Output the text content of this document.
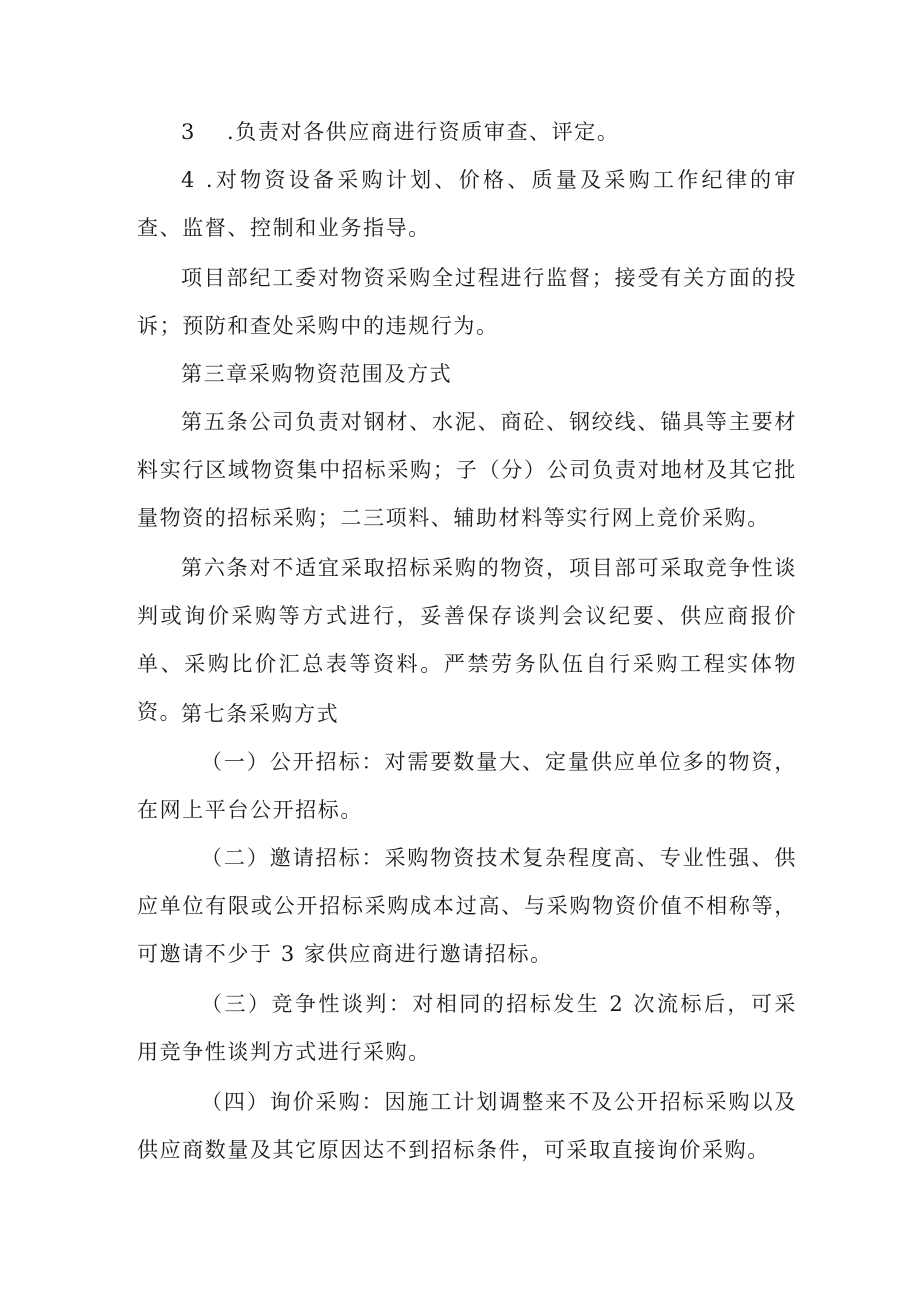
3 .负责对各供应商进行资质审查、评定。

4 .对物资设备采购计划、价格、质量及采购工作纪律的审查、监督、控制和业务指导。

项目部纪工委对物资采购全过程进行监督；接受有关方面的投诉；预防和查处采购中的违规行为。

第三章采购物资范围及方式

第五条公司负责对钢材、水泥、商砼、钢绞线、锚具等主要材料实行区域物资集中招标采购；子（分）公司负责对地材及其它批量物资的招标采购；二三项料、辅助材料等实行网上竞价采购。

第六条对不适宜采取招标采购的物资，项目部可采取竞争性谈判或询价采购等方式进行，妥善保存谈判会议纪要、供应商报价单、采购比价汇总表等资料。严禁劳务队伍自行采购工程实体物资。

第七条采购方式

（一）公开招标：对需要数量大、定量供应单位多的物资，在网上平台公开招标。

（二）邀请招标：采购物资技术复杂程度高、专业性强、供应单位有限或公开招标采购成本过高、与采购物资价值不相称等，可邀请不少于 3 家供应商进行邀请招标。

（三）竞争性谈判：对相同的招标发生 2 次流标后，可采用竞争性谈判方式进行采购。

（四）询价采购：因施工计划调整来不及公开招标采购以及供应商数量及其它原因达不到招标条件，可采取直接询价采购。
